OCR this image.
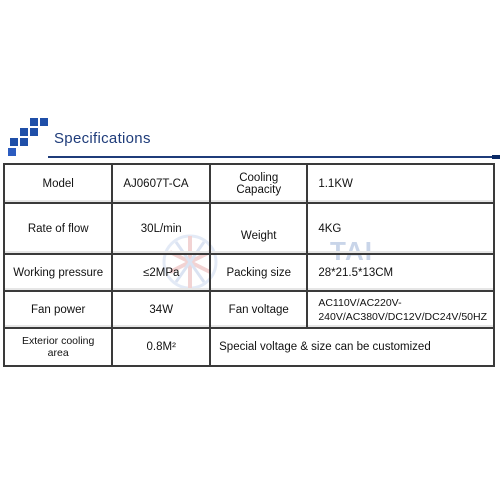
Specifications
TAI
Model	AJ0607T-CA	Cooling Capacity	1.1KW
Rate of flow	30L/min	Weight	4KG
Working pressure	≤2MPa	Packing size	28*21.5*13CM
Fan power	34W	Fan voltage	AC110V/AC220V-240V/AC380V/DC12V/DC24V/50HZ
Exterior cooling area	0.8M²	Special voltage & size can be customized	
